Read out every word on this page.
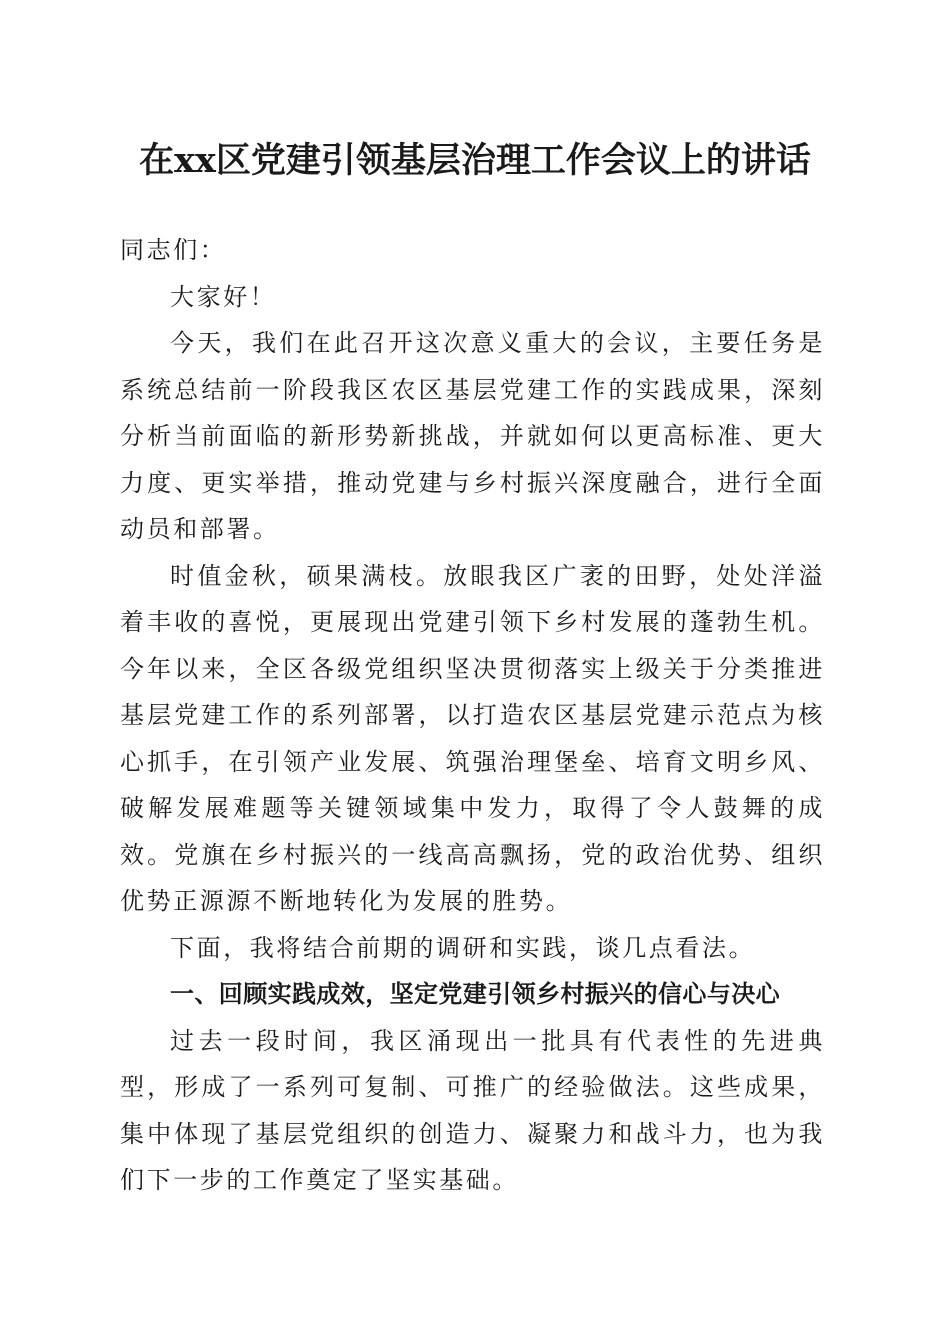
在xx区党建引领基层治理工作会议上的讲话

同志们：

大家好！

今天，我们在此召开这次意义重大的会议，主要任务是系统总结前一阶段我区农区基层党建工作的实践成果，深刻分析当前面临的新形势新挑战，并就如何以更高标准、更大力度、更实举措，推动党建与乡村振兴深度融合，进行全面动员和部署。

时值金秋，硕果满枝。放眼我区广袤的田野，处处洋溢着丰收的喜悦，更展现出党建引领下乡村发展的蓬勃生机。今年以来，全区各级党组织坚决贯彻落实上级关于分类推进基层党建工作的系列部署，以打造农区基层党建示范点为核心抓手，在引领产业发展、筑强治理堡垒、培育文明乡风、破解发展难题等关键领域集中发力，取得了令人鼓舞的成效。党旗在乡村振兴的一线高高飘扬，党的政治优势、组织优势正源源不断地转化为发展的胜势。

下面，我将结合前期的调研和实践，谈几点看法。

一、回顾实践成效，坚定党建引领乡村振兴的信心与决心

过去一段时间，我区涌现出一批具有代表性的先进典型，形成了一系列可复制、可推广的经验做法。这些成果，集中体现了基层党组织的创造力、凝聚力和战斗力，也为我们下一步的工作奠定了坚实基础。
